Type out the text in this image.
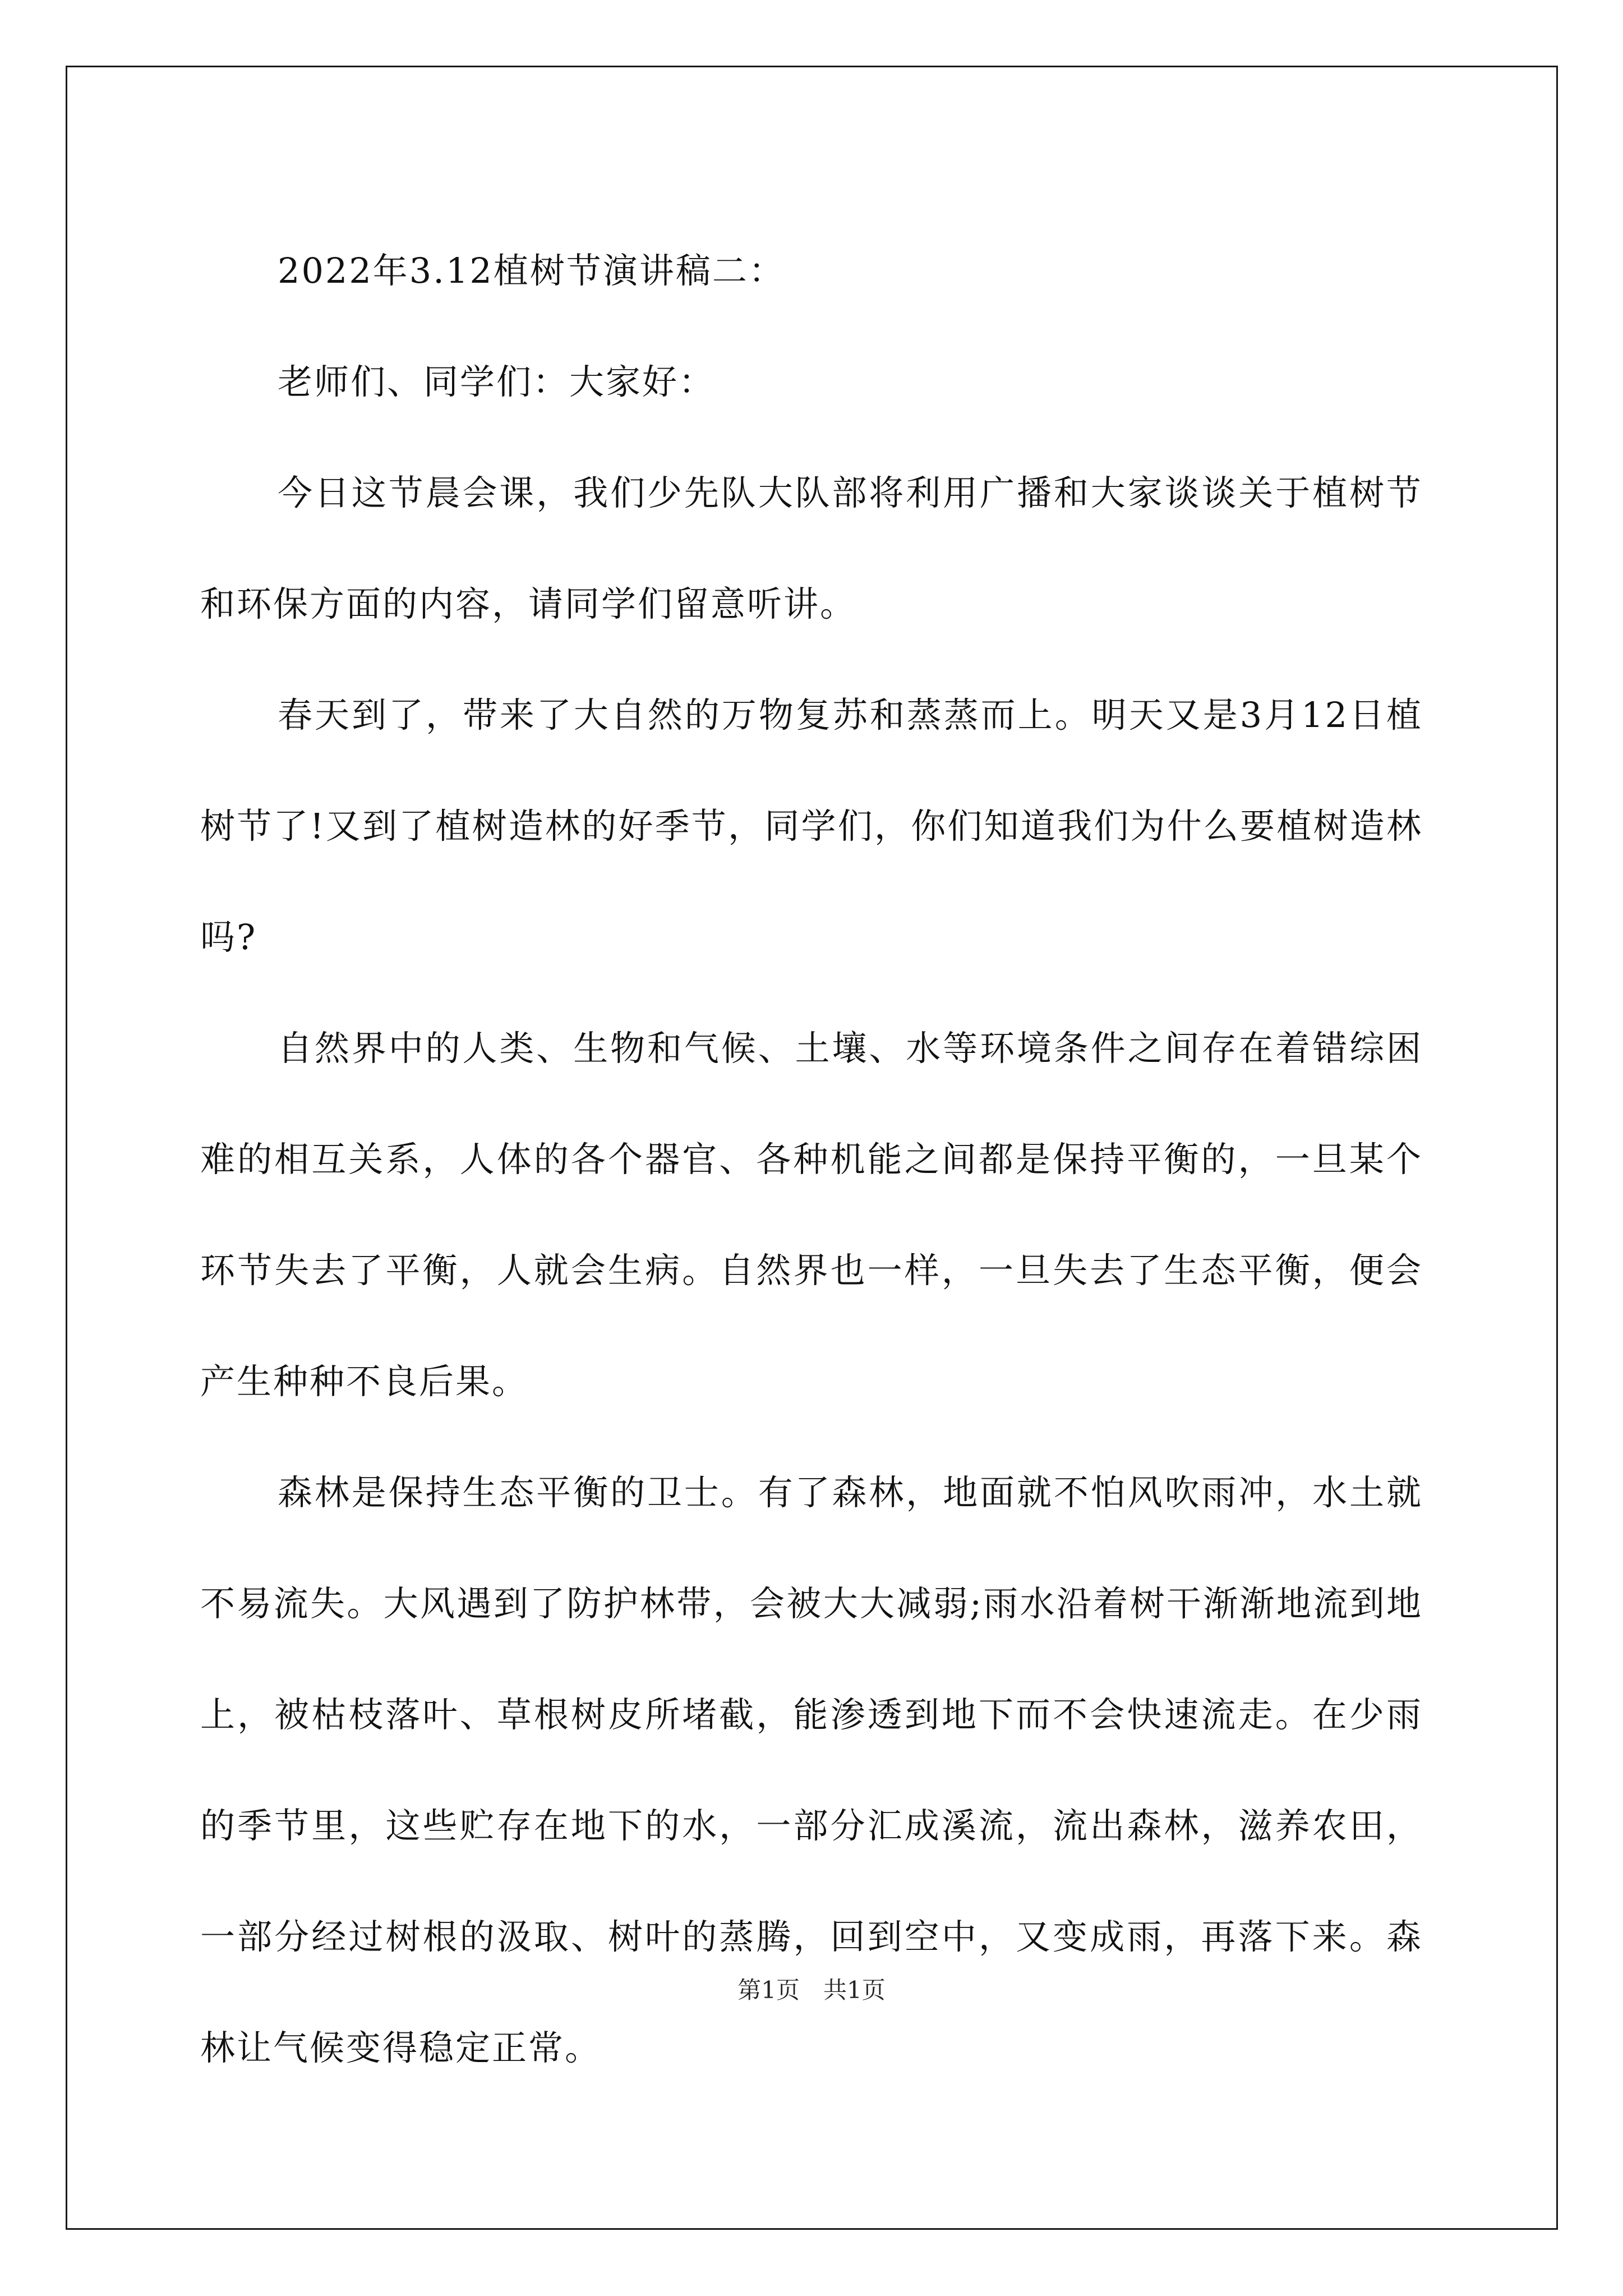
2022年3.12植树节演讲稿二：

老师们、同学们：大家好：

今日这节晨会课，我们少先队大队部将利用广播和大家谈谈关于植树节和环保方面的内容，请同学们留意听讲。

春天到了，带来了大自然的万物复苏和蒸蒸而上。明天又是3月12日植树节了!又到了植树造林的好季节，同学们，你们知道我们为什么要植树造林吗?

自然界中的人类、生物和气候、土壤、水等环境条件之间存在着错综困难的相互关系，人体的各个器官、各种机能之间都是保持平衡的，一旦某个环节失去了平衡，人就会生病。自然界也一样，一旦失去了生态平衡，便会产生种种不良后果。

森林是保持生态平衡的卫士。有了森林，地面就不怕风吹雨冲，水土就不易流失。大风遇到了防护林带，会被大大减弱;雨水沿着树干渐渐地流到地上，被枯枝落叶、草根树皮所堵截，能渗透到地下而不会快速流走。在少雨的季节里，这些贮存在地下的水，一部分汇成溪流，流出森林，滋养农田，一部分经过树根的汲取、树叶的蒸腾，回到空中，又变成雨，再落下来。森林让气候变得稳定正常。

第1页　共1页
